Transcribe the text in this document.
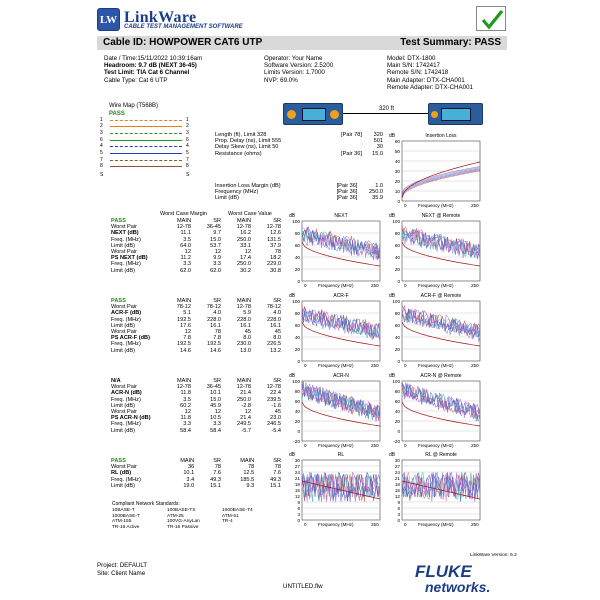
LW LinkWare
CABLE TEST MANAGEMENT SOFTWARE
Cable ID: HOWPOWER CAT6 UTP	Test Summary: PASS
Date / Time:15/11/2022 10:39:16am
Headroom: 9.7 dB (NEXT 36-45)
Test Limit: TIA Cat 6 Channel
Cable Type: Cat 6 UTP
Operator: Your Name
Software Version: 2.5200
Limits Version: 1.7000
NVP: 69.0%
Model: DTX-1800
Main S/N: 1742417
Remote S/N: 1742418
Main Adapter: DTX-CHA001
Remote Adapter: DTX-CHA001
Wire Map (T568B)
PASS
1	1
2	2
3	3
6	6
4	4
5	5
7	7
8	8
S	S
320 ft
Length (ft), Limit 328	[Pair 78]	320
Prop. Delay (ns), Limit 555		501
Delay Skew (ns), Limit 50		30
Resistance (ohms)	[Pair 36]	15.0
Insertion Loss Margin (dB)	[Pair 36]	1.0
Frequency (MHz)	[Pair 36]	250.0
Limit (dB)	[Pair 36]	35.9
Worst Case Margin	Worst Case Value
PASS	MAIN	SR	MAIN	SR
Worst Pair	12-78	36-45	12-78	12-78
NEXT (dB)	11.1	9.7	16.2	12.6
Freq. (MHz)	3.5	15.0	250.0	131.5
Limit (dB)	64.0	53.7	33.1	37.9
Worst Pair	12	12	12	78
PS NEXT (dB)	11.2	9.9	17.4	18.2
Freq. (MHz)	3.3	3.3	250.0	229.0
Limit (dB)	62.0	62.0	30.2	30.8
PASS	MAIN	SR	MAIN	SR
Worst Pair	78-12	78-12	12-78	78-12
ACR-F (dB)	5.1	4.0	5.9	4.0
Freq. (MHz)	192.5	228.0	228.0	228.0
Limit (dB)	17.6	16.1	16.1	16.1
Worst Pair	12	78	45	45
PS ACR-F (dB)	7.8	7.8	8.0	8.0
Freq. (MHz)	192.5	192.5	230.0	226.5
Limit (dB)	14.6	14.6	13.0	13.2
N/A	MAIN	SR	MAIN	SR
Worst Pair	12-78	36-45	12-78	12-78
ACR-N (dB)	11.8	10.1	21.4	22.4
Freq. (MHz)	3.5	15.0	250.0	239.5
Limit (dB)	60.2	45.9	-2.8	-1.6
Worst Pair	12	12	12	45
PS ACR-N (dB)	11.8	10.5	21.4	23.0
Freq. (MHz)	3.3	3.3	249.5	246.5
Limit (dB)	58.4	58.4	-5.7	-5.4
PASS	MAIN	SR	MAIN	SR
Worst Pair	36	78	78	78
RL (dB)	10.1	7.6	12.5	7.6
Freq. (MHz)	3.4	49.3	185.5	49.3
Limit (dB)	19.0	15.1	9.3	15.1
Compliant Network Standards:
10BASE-T	100BASE-TX	1000BASE-T4
1000BASE-T	ATM-25	ATM-51
ATM-155	100VG-AnyLan	TR-4
TR-16 Active	TR-16 Passive
Insertion Loss
dB
60
50
40
30
20
10
0
0	250
Frequency (MHz)
NEXT
dB
100
80
60
40
20
0
0	250
Frequency (MHz)
NEXT @ Remote
dB
100
80
60
40
20
0
0	250
Frequency (MHz)
ACR-F
dB
100
80
60
40
20
0
0	250
Frequency (MHz)
ACR-F @ Remote
dB
100
80
60
40
20
0
0	250
Frequency (MHz)
ACR-N
dB
100
80
60
40
20
0
-20
0	250
Frequency (MHz)
ACR-N @ Remote
dB
100
80
60
40
20
0
-20
0	250
Frequency (MHz)
RL
dB
30
27
24
21
18
15
12
9
6
3
0
0	250
Frequency (MHz)
RL @ Remote
dB
30
27
24
21
18
15
12
9
6
3
0
0	250
Frequency (MHz)
LinkWare Version: 6.2
Project: DEFAULT
Site: Client Name
UNTITLED.flw
FLUKE
networks.
